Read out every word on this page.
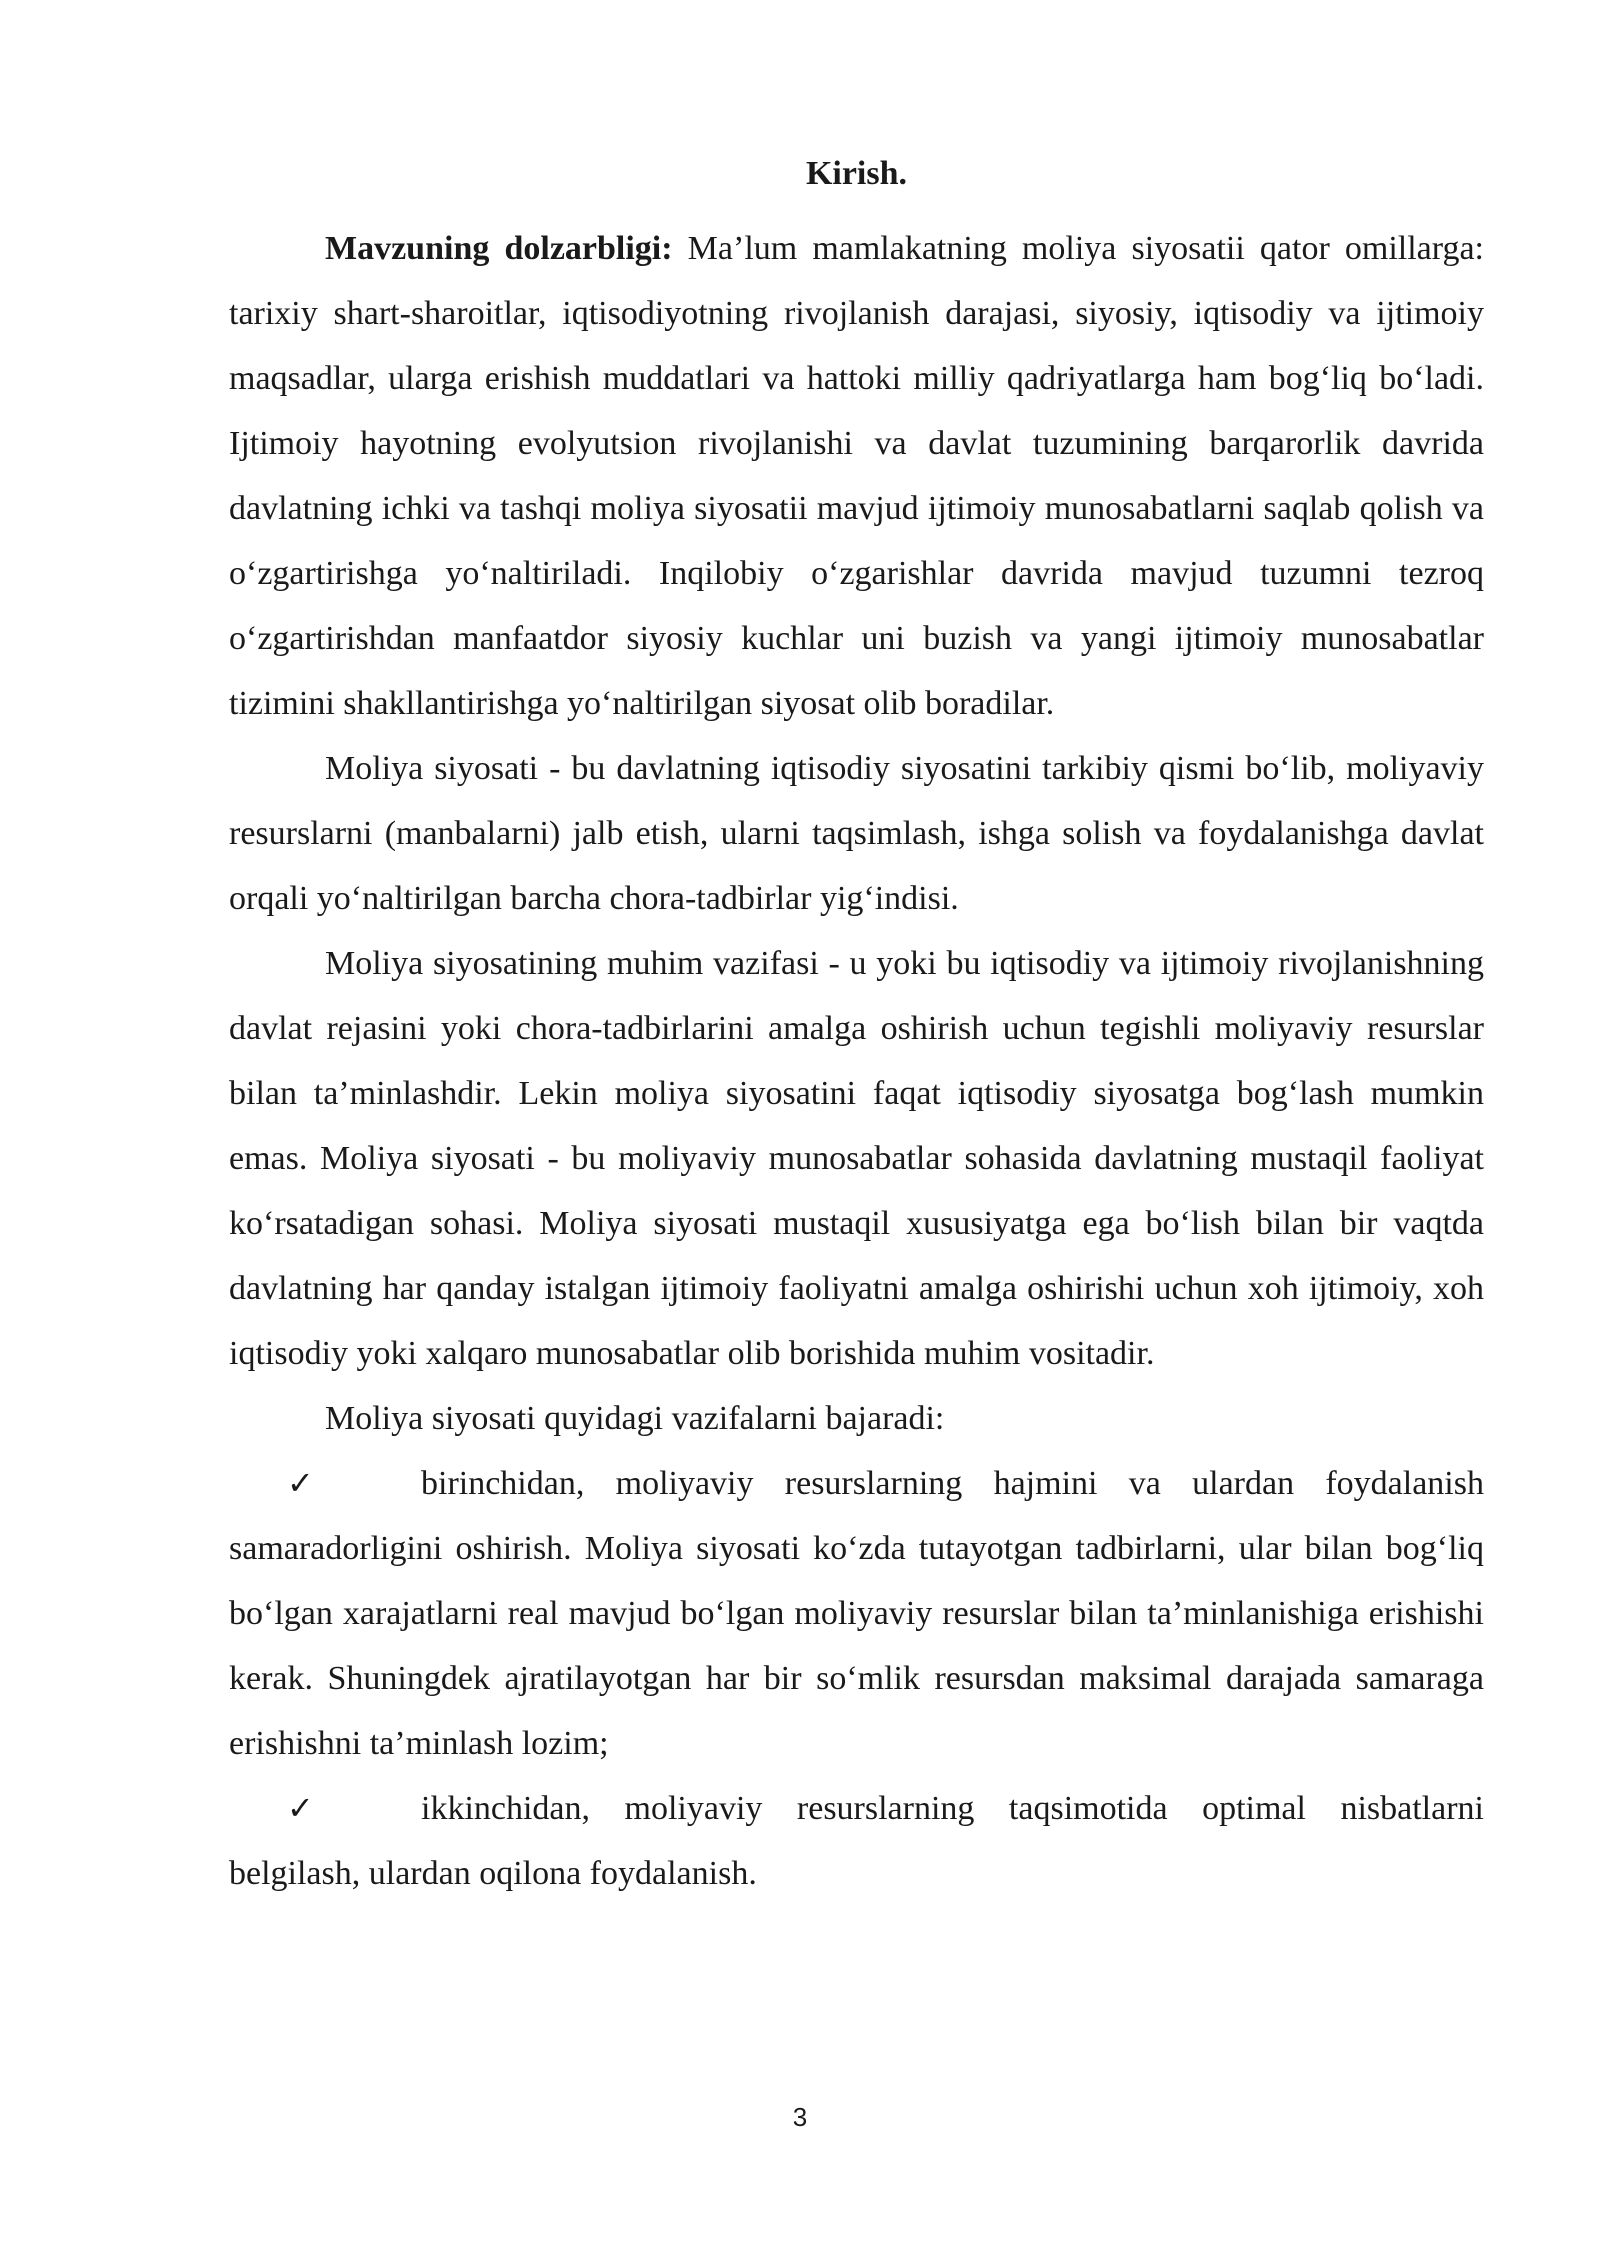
Kirish.

Mavzuning dolzarbligi: Ma’lum mamlakatning moliya siyosatii qator omillarga: tarixiy shart-sharoitlar, iqtisodiyotning rivojlanish darajasi, siyosiy, iqtisodiy va ijtimoiy maqsadlar, ularga erishish muddatlari va hattoki milliy qadriyatlarga ham bog‘liq bo‘ladi. Ijtimoiy hayotning evolyutsion rivojlanishi va davlat tuzumining barqarorlik davrida davlatning ichki va tashqi moliya siyosatii mavjud ijtimoiy munosabatlarni saqlab qolish va o‘zgartirishga yo‘naltiriladi. Inqilobiy o‘zgarishlar davrida mavjud tuzumni tezroq o‘zgartirishdan manfaatdor siyosiy kuchlar uni buzish va yangi ijtimoiy munosabatlar tizimini shakllantirishga yo‘naltirilgan siyosat olib boradilar.

Moliya siyosati - bu davlatning iqtisodiy siyosatini tarkibiy qismi bo‘lib, moliyaviy resurslarni (manbalarni) jalb etish, ularni taqsimlash, ishga solish va foydalanishga davlat orqali yo‘naltirilgan barcha chora-tadbirlar yig‘indisi.

Moliya siyosatining muhim vazifasi - u yoki bu iqtisodiy va ijtimoiy rivojlanishning davlat rejasini yoki chora-tadbirlarini amalga oshirish uchun tegishli moliyaviy resurslar bilan ta’minlashdir. Lekin moliya siyosatini faqat iqtisodiy siyosatga bog‘lash mumkin emas. Moliya siyosati - bu moliyaviy munosabatlar sohasida davlatning mustaqil faoliyat ko‘rsatadigan sohasi. Moliya siyosati mustaqil xususiyatga ega bo‘lish bilan bir vaqtda davlatning har qanday istalgan ijtimoiy faoliyatni amalga oshirishi uchun xoh ijtimoiy, xoh iqtisodiy yoki xalqaro munosabatlar olib borishida muhim vositadir.

Moliya siyosati quyidagi vazifalarni bajaradi:

✓	birinchidan, moliyaviy resurslarning hajmini va ulardan foydalanish samaradorligini oshirish. Moliya siyosati ko‘zda tutayotgan tadbirlarni, ular bilan bog‘liq bo‘lgan xarajatlarni real mavjud bo‘lgan moliyaviy resurslar bilan ta’minlanishiga erishishi kerak. Shuningdek ajratilayotgan har bir so‘mlik resursdan maksimal darajada samaraga erishishni ta’minlash lozim;

✓	ikkinchidan, moliyaviy resurslarning taqsimotida optimal nisbatlarni belgilash, ulardan oqilona foydalanish.

3
